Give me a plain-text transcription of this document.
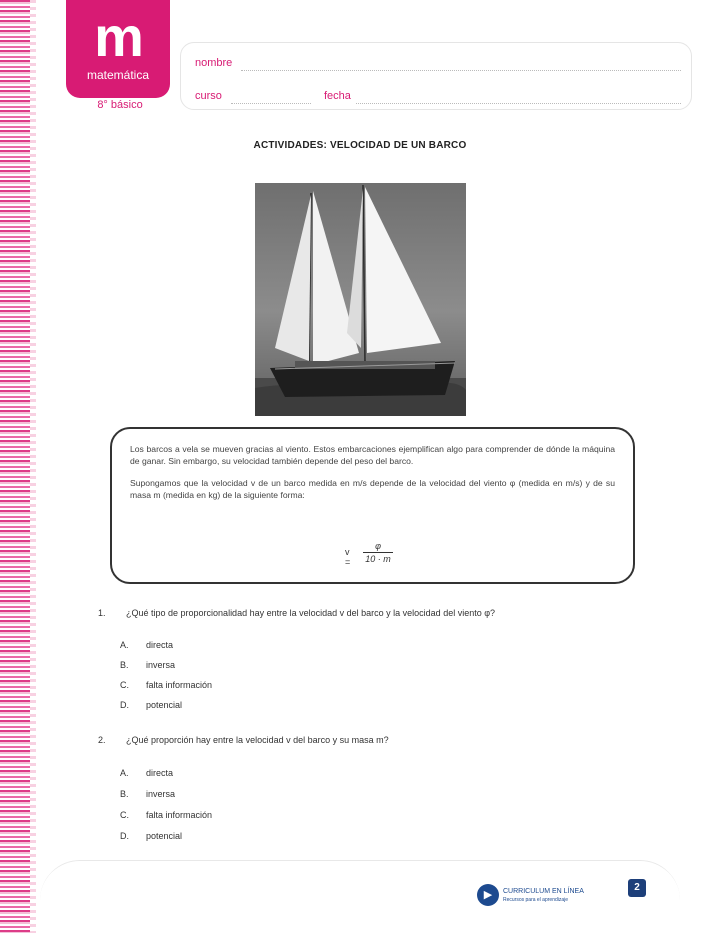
m
matemática
8° básico
nombre
curso	fecha
ACTIVIDADES: VELOCIDAD DE UN BARCO

Los barcos a vela se mueven gracias al viento. Estos embarcaciones ejemplifican algo para comprender de dónde la máquina de ganar. Sin embargo, su velocidad también depende del peso del barco.

Supongamos que la velocidad v de un barco medida en m/s depende de la velocidad del viento φ (medida en m/s) y de su masa m (medida en kg) de la siguiente forma:

$v = \frac{\varphi}{10 \cdot m}$
1.	¿Qué tipo de proporcionalidad hay entre la velocidad v del barco y la velocidad del viento φ?
A. directa
B. inversa
C. falta información
D. potencial
2.	¿Qué proporción hay entre la velocidad v del barco y su masa m?
A. directa
B. inversa
C. falta información
D. potencial
▶	CURRICULUM EN LÍNEA
Recursos para el aprendizaje
2
